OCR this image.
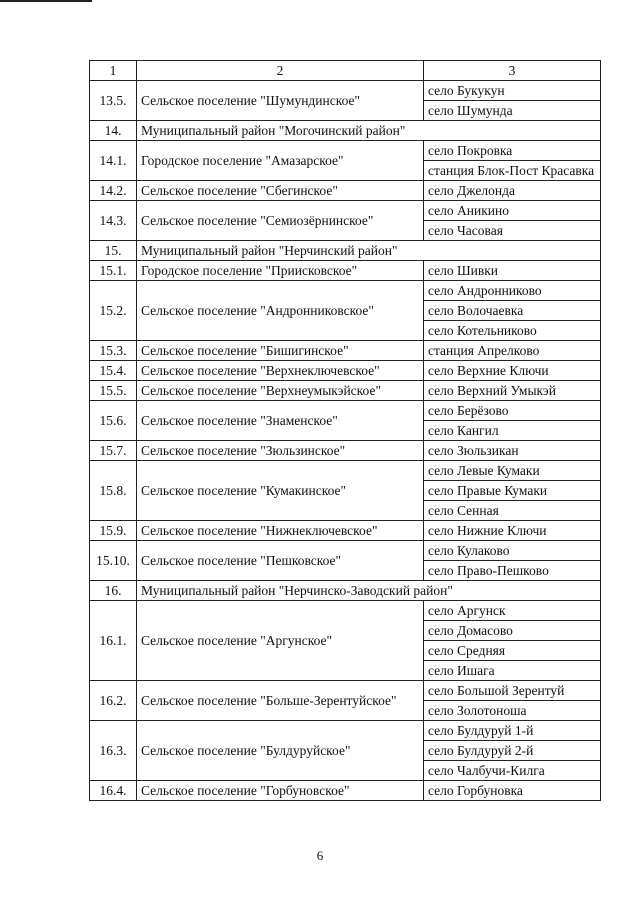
1	2	3
13.5.	Сельское поселение "Шумундинское"	село Букукун
		село Шумунда
14.	Муниципальный район "Могочинский район"	
14.1.	Городское поселение "Амазарское"	село Покровка
		станция Блок-Пост Красавка
14.2.	Сельское поселение "Сбегинское"	село Джелонда
14.3.	Сельское поселение "Семиозёрнинское"	село Аникино
		село Часовая
15.	Муниципальный район "Нерчинский район"	
15.1.	Городское поселение "Приисковское"	село Шивки
15.2.	Сельское поселение "Андронниковское"	село Андронниково
		село Волочаевка
		село Котельниково
15.3.	Сельское поселение "Бишигинское"	станция Апрелково
15.4.	Сельское поселение "Верхнеключевское"	село Верхние Ключи
15.5.	Сельское поселение "Верхнеумыкэйское"	село Верхний Умыкэй
15.6.	Сельское поселение "Знаменское"	село Берёзово
		село Кангил
15.7.	Сельское поселение "Зюльзинское"	село Зюльзикан
15.8.	Сельское поселение "Кумакинское"	село Левые Кумаки
		село Правые Кумаки
		село Сенная
15.9.	Сельское поселение "Нижнеключевское"	село Нижние Ключи
15.10.	Сельское поселение "Пешковское"	село Кулаково
		село Право-Пешково
16.	Муниципальный район "Нерчинско-Заводский район"	
16.1.	Сельское поселение "Аргунское"	село Аргунск
		село Домасово
		село Средняя
		село Ишага
16.2.	Сельское поселение "Больше-Зерентуйское"	село Большой Зерентуй
		село Золотоноша
16.3.	Сельское поселение "Булдуруйское"	село Булдуруй 1-й
		село Булдуруй 2-й
		село Чалбучи-Килга
16.4.	Сельское поселение "Горбуновское"	село Горбуновка
6
